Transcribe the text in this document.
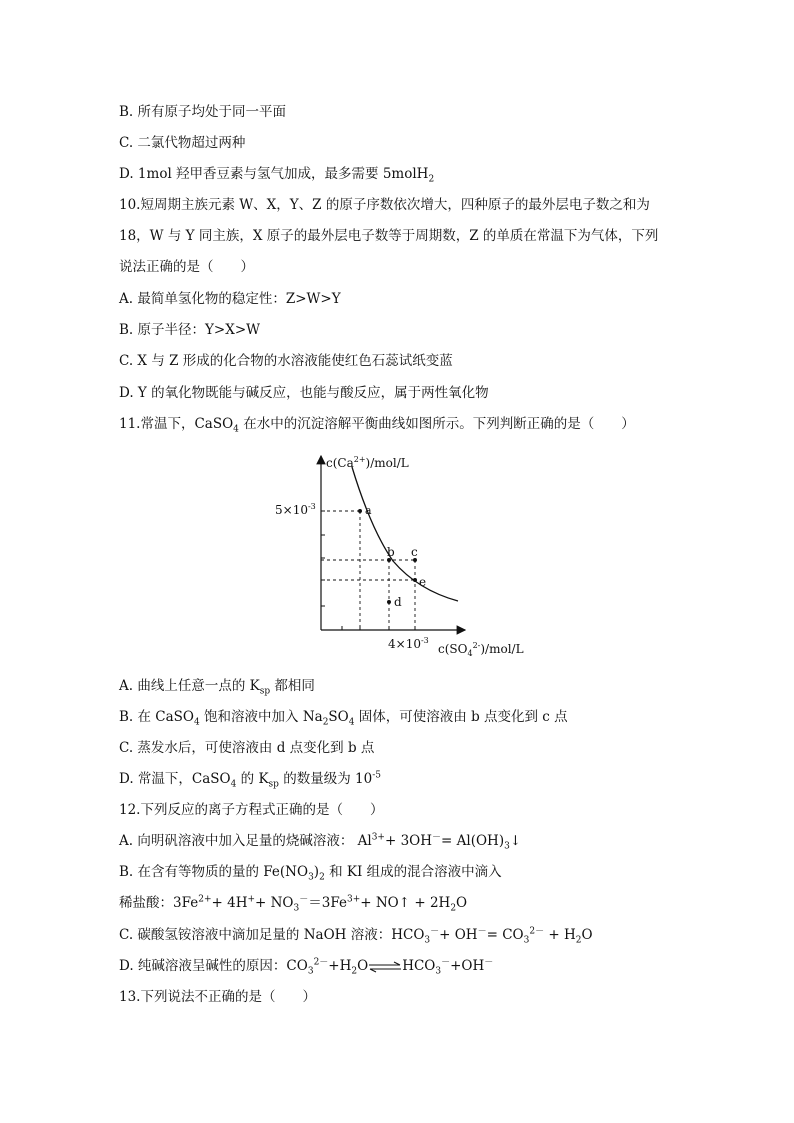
B. 所有原子均处于同一平面
C. 二氯代物超过两种
D. 1mol 羟甲香豆素与氢气加成，最多需要 5molH$_2$
10.短周期主族元素 W、X，Y、Z 的原子序数依次增大，四种原子的最外层电子数之和为
18，W 与 Y 同主族，X 原子的最外层电子数等于周期数，Z 的单质在常温下为气体，下列
说法正确的是（　　）
A. 最简单氢化物的稳定性：Z>W>Y
B. 原子半径：Y>X>W
C. X 与 Z 形成的化合物的水溶液能使红色石蕊试纸变蓝
D. Y 的氧化物既能与碱反应，也能与酸反应，属于两性氧化物
11.常温下，CaSO$_4$ 在水中的沉淀溶解平衡曲线如图所示。下列判断正确的是（　　）
a
b c
e
d
$c(Ca^{2+})/mol/L$
$c(SO_4^{2-})/mol/L$
$5\times 10^{-3}$
$4\times 10^{-3}$
A. 曲线上任意一点的 $K_{sp}$ 都相同
B. 在 CaSO$_4$ 饱和溶液中加入 $Na_2SO_4$ 固体，可使溶液由 b 点变化到 c 点
C. 蒸发水后，可使溶液由 d 点变化到 b 点
D. 常温下，CaSO$_4$ 的 $K_{sp}$ 的数量级为 $10^{-5}$
12.下列反应的离子方程式正确的是（　　）
A. 向明矾溶液中加入足量的烧碱溶液： $Al^{3+}+ 3OH^-=$ $Al(OH)_3↓$
B. 在含有等物质的量的 $Fe(NO_3)_2$ 和 KI 组成的混合溶液中滴入
稀盐酸：$3Fe^{2+}+ 4H^++ NO_3^-=3Fe^{3+}+$ NO↑ + $2H_2O$
C. 碳酸氢铵溶液中滴加足量的 NaOH 溶液：$HCO_3^-+ OH^-= CO_3^{2-} + H_2O$
D. 纯碱溶液呈碱性的原因：$CO_3^{2-}+H_2O\rightleftharpoons HCO_3^-+OH^-$
13.下列说法不正确的是（　　）
